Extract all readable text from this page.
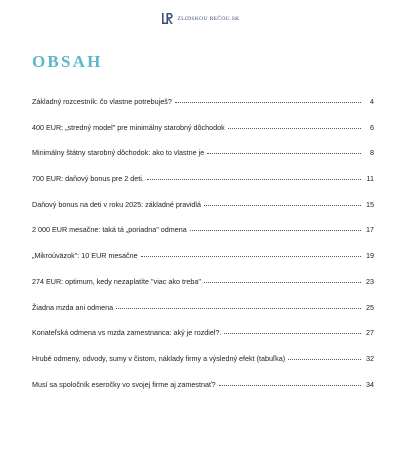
ZLIDSKOU REČOU.SK
OBSAH
Základný rozcestník: čo vlastne potrebuješ?	4
400 EUR: „stredný model" pre minimálny starobný dôchodok	6
Minimálny štátny starobný dôchodok: ako to vlastne je	8
700 EUR: daňový bonus pre 2 deti.	11
Daňový bonus na deti v roku 2025: základné pravidlá	15
2 000 EUR mesačne: taká tá „poriadna" odmena	17
„Mikroúväzok": 10 EUR mesačne	19
274 EUR: optimum, kedy nezaplatíte "viac ako treba"	23
Žiadna mzda ani odmena	25
Konateľská odmena vs mzda zamestnanca: aký je rozdiel?.	27
Hrubé odmeny, odvody, sumy v čistom, náklady firmy a výsledný efekt (tabuľka)	32
Musí sa spoločník eseročky vo svojej firme aj zamestnať?	34
